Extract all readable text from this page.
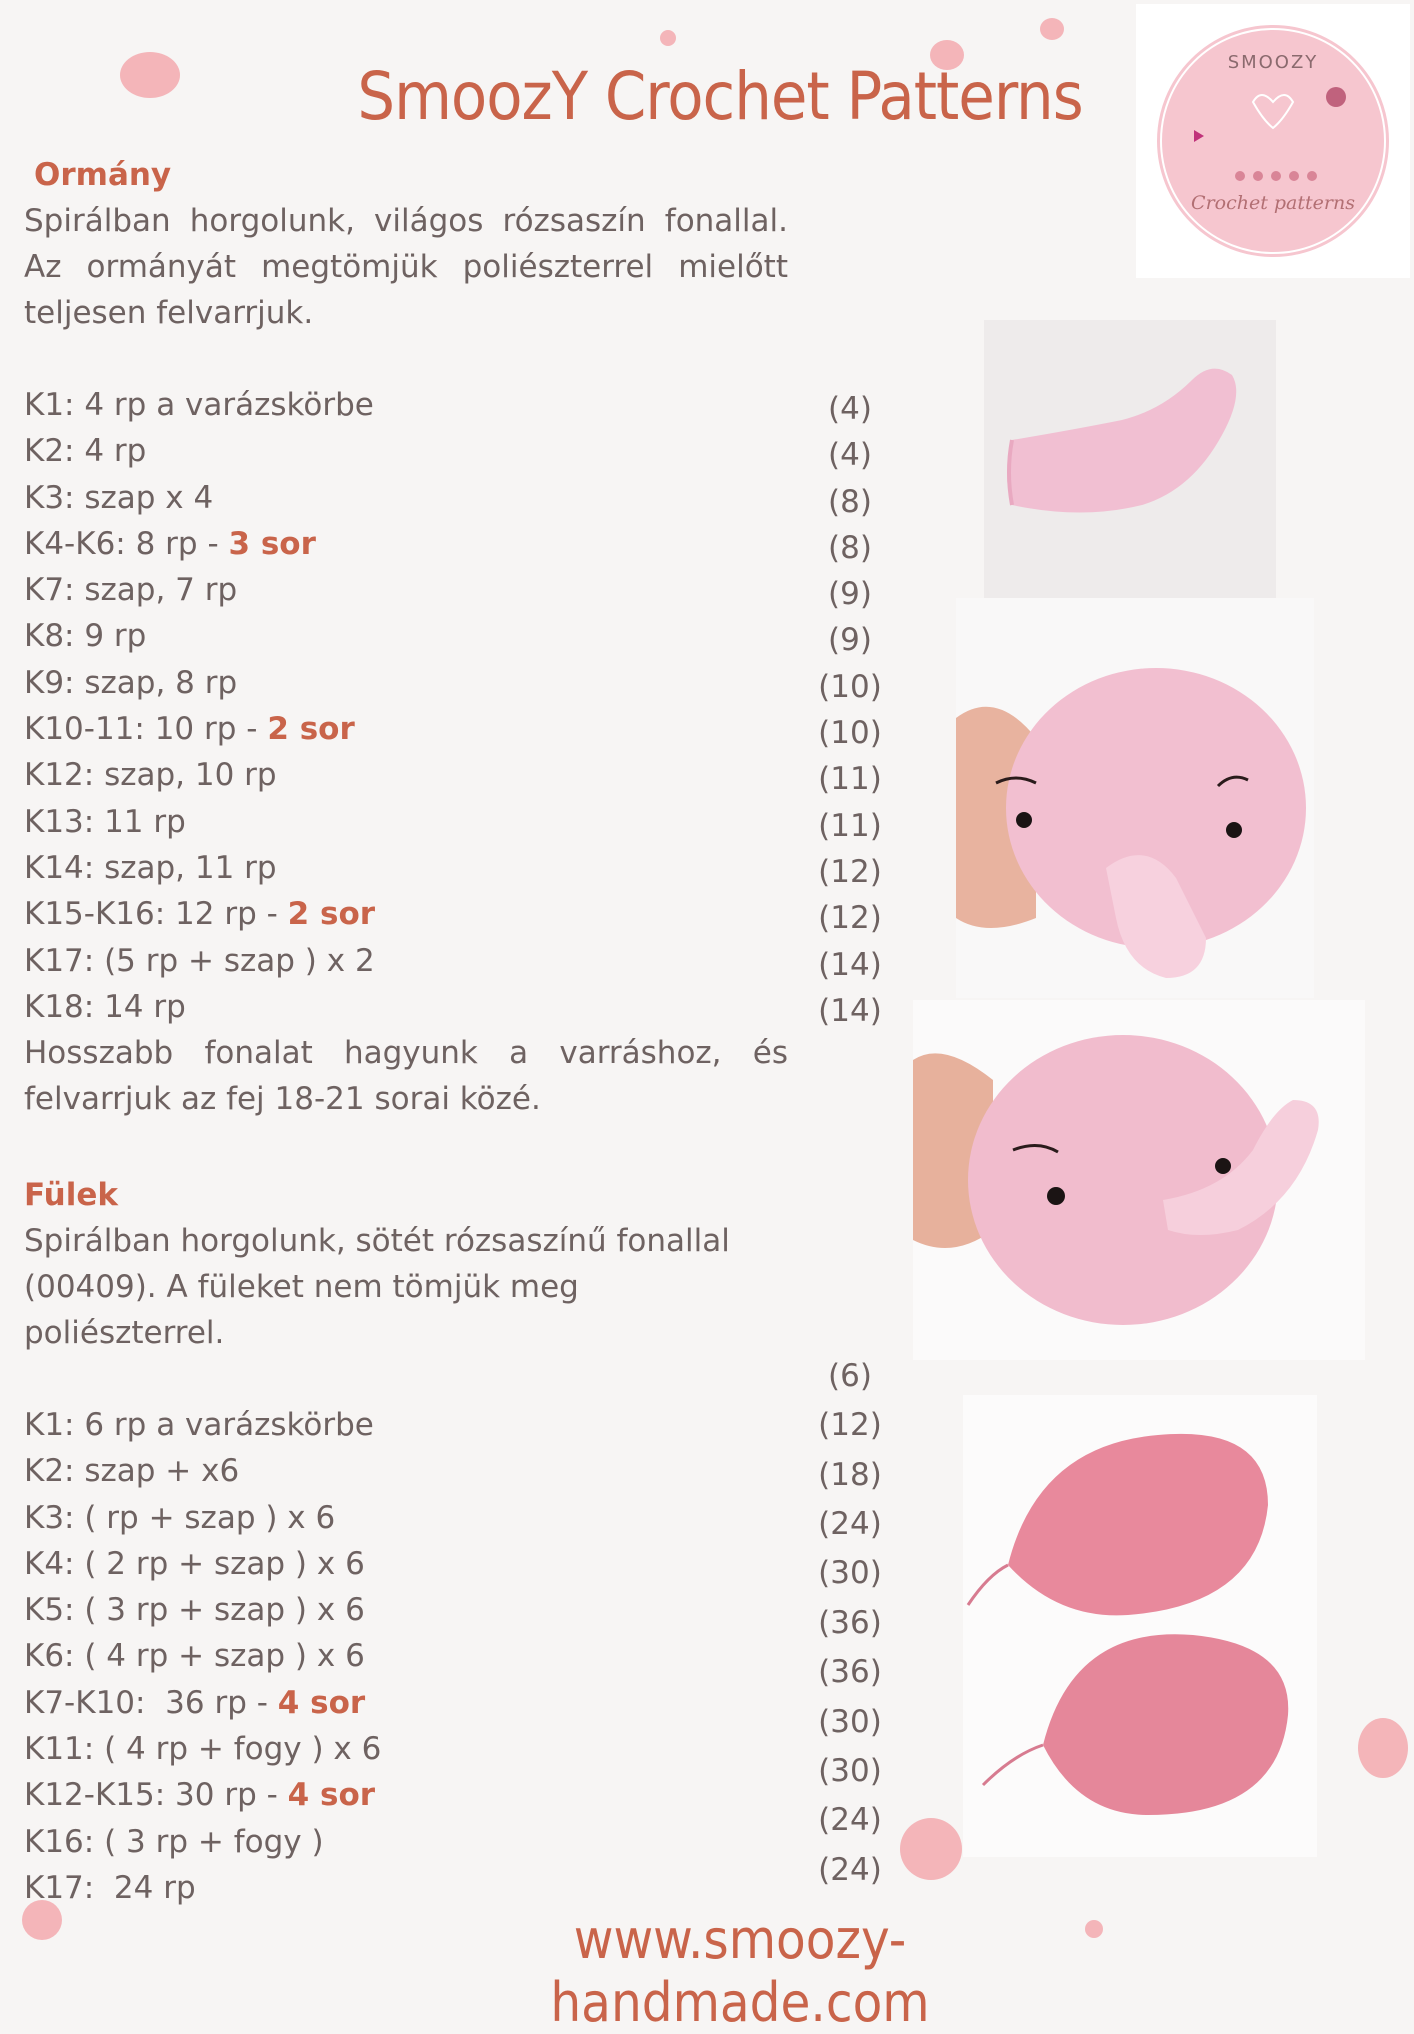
SmoozY Crochet Patterns	SMOOZY
Crochet patterns
Ormány
Spirálban horgolunk, világos rózsaszín fonallal. Az ormányát megtömjük poliészterrel mielőtt teljesen felvarrjuk.
K1: 4 rp a varázskörbe
K2: 4 rp
K3: szap x 4
K4-K6: 8 rp - 3 sor
K7: szap, 7 rp
K8: 9 rp
K9: szap, 8 rp
K10-11: 10 rp - 2 sor
K12: szap, 10 rp
K13: 11 rp
K14: szap, 11 rp
K15-K16: 12 rp - 2 sor
K17: (5 rp + szap ) x 2
K18: 14 rp
Hosszabb fonalat hagyunk a varráshoz, és felvarrjuk az fej 18-21 sorai közé.
(4)
(4)
(8)
(8)
(9)
(9)
(10)
(10)
(11)
(11)
(12)
(12)
(14)
(14)
Fülek
Spirálban horgolunk, sötét rózsaszínű fonallal (00409). A füleket nem tömjük meg poliészterrel.
K1: 6 rp a varázskörbe
K2: szap + x6
K3: ( rp + szap ) x 6
K4: ( 2 rp + szap ) x 6
K5: ( 3 rp + szap ) x 6
K6: ( 4 rp + szap ) x 6
K7-K10:  36 rp - 4 sor
K11: ( 4 rp + fogy ) x 6
K12-K15: 30 rp - 4 sor
K16: ( 3 rp + fogy )
K17:  24 rp
(6)
(12)
(18)
(24)
(30)
(36)
(36)
(30)
(30)
(24)
(24)
www.smoozy-handmade.com
